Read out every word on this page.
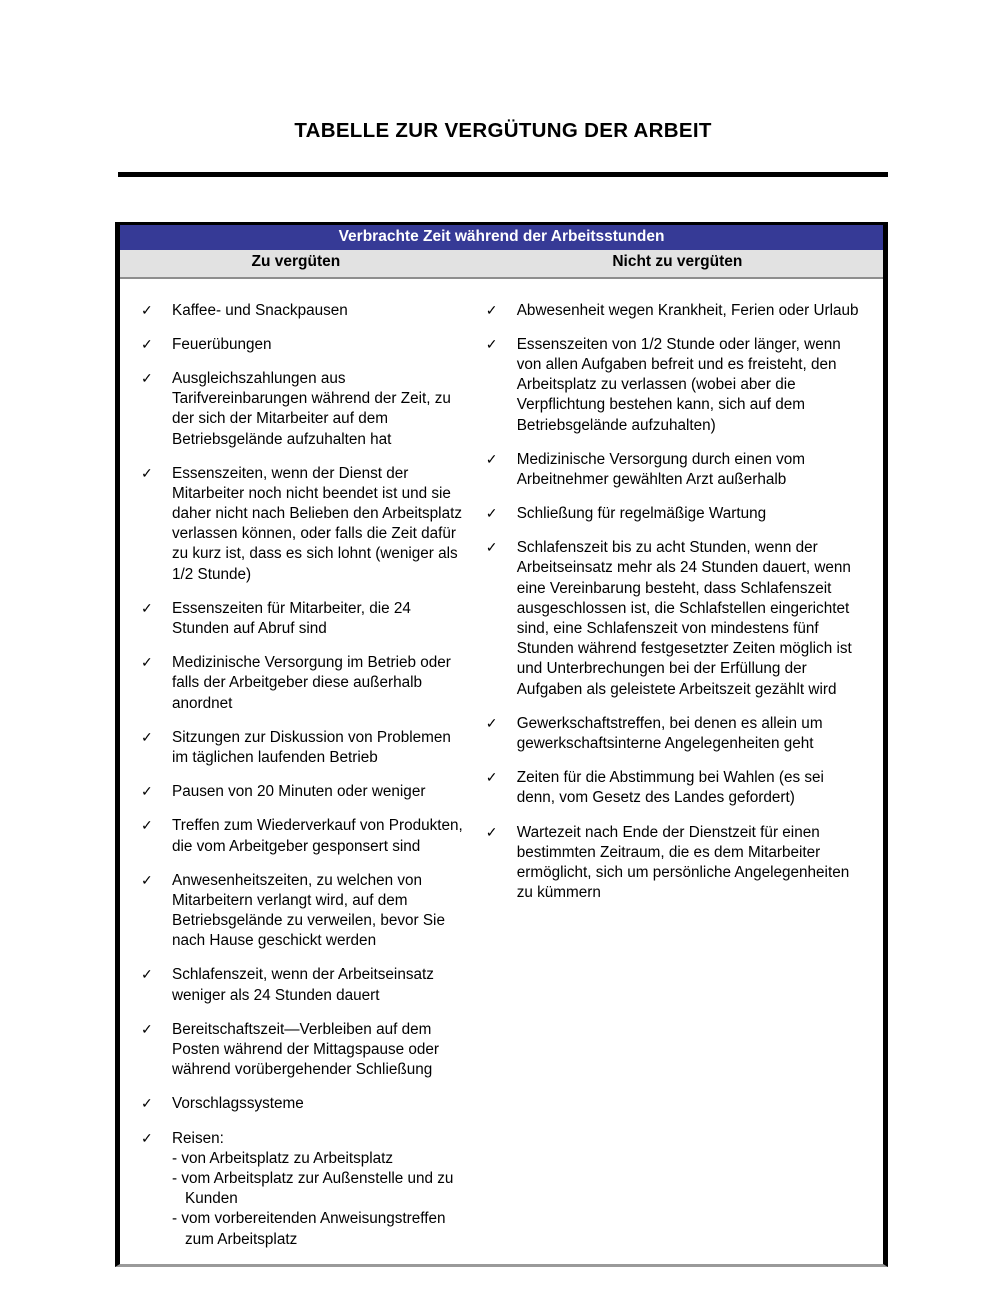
TABELLE ZUR VERGÜTUNG DER ARBEIT
Verbrachte Zeit während der Arbeitsstunden
Zu vergüten	Nicht zu vergüten
✓ Kaffee- und Snackpausen
✓ Feuerübungen
✓ Ausgleichszahlungen aus Tarifvereinbarungen während der Zeit, zu der sich der Mitarbeiter auf dem Betriebsgelände aufzuhalten hat
✓ Essenszeiten, wenn der Dienst der Mitarbeiter noch nicht beendet ist und sie daher nicht nach Belieben den Arbeitsplatz verlassen können, oder falls die Zeit dafür zu kurz ist, dass es sich lohnt (weniger als 1/2 Stunde)
✓ Essenszeiten für Mitarbeiter, die 24 Stunden auf Abruf sind
✓ Medizinische Versorgung im Betrieb oder falls der Arbeitgeber diese außerhalb anordnet
✓ Sitzungen zur Diskussion von Problemen im täglichen laufenden Betrieb
✓ Pausen von 20 Minuten oder weniger
✓ Treffen zum Wiederverkauf von Produkten, die vom Arbeitgeber gesponsert sind
✓ Anwesenheitszeiten, zu welchen von Mitarbeitern verlangt wird, auf dem Betriebsgelände zu verweilen, bevor Sie nach Hause geschickt werden
✓ Schlafenszeit, wenn der Arbeitseinsatz weniger als 24 Stunden dauert
✓ Bereitschaftszeit—Verbleiben auf dem Posten während der Mittagspause oder während vorübergehender Schließung
✓ Vorschlagssysteme
✓ Reisen:
- von Arbeitsplatz zu Arbeitsplatz
- vom Arbeitsplatz zur Außenstelle und zu
Kunden
- vom vorbereitenden Anweisungstreffen
zum Arbeitsplatz
✓ Abwesenheit wegen Krankheit, Ferien oder Urlaub
✓ Essenszeiten von 1/2 Stunde oder länger, wenn von allen Aufgaben befreit und es freisteht, den Arbeitsplatz zu verlassen (wobei aber die Verpflichtung bestehen kann, sich auf dem Betriebsgelände aufzuhalten)
✓ Medizinische Versorgung durch einen vom Arbeitnehmer gewählten Arzt außerhalb
✓ Schließung für regelmäßige Wartung
✓ Schlafenszeit bis zu acht Stunden, wenn der Arbeitseinsatz mehr als 24 Stunden dauert, wenn eine Vereinbarung besteht, dass Schlafenszeit ausgeschlossen ist, die Schlafstellen eingerichtet sind, eine Schlafenszeit von mindestens fünf Stunden während festgesetzter Zeiten möglich ist und Unterbrechungen bei der Erfüllung der Aufgaben als geleistete Arbeitszeit gezählt wird
✓ Gewerkschaftstreffen, bei denen es allein um gewerkschaftsinterne Angelegenheiten geht
✓ Zeiten für die Abstimmung bei Wahlen (es sei denn, vom Gesetz des Landes gefordert)
✓ Wartezeit nach Ende der Dienstzeit für einen bestimmten Zeitraum, die es dem Mitarbeiter ermöglicht, sich um persönliche Angelegenheiten zu kümmern
